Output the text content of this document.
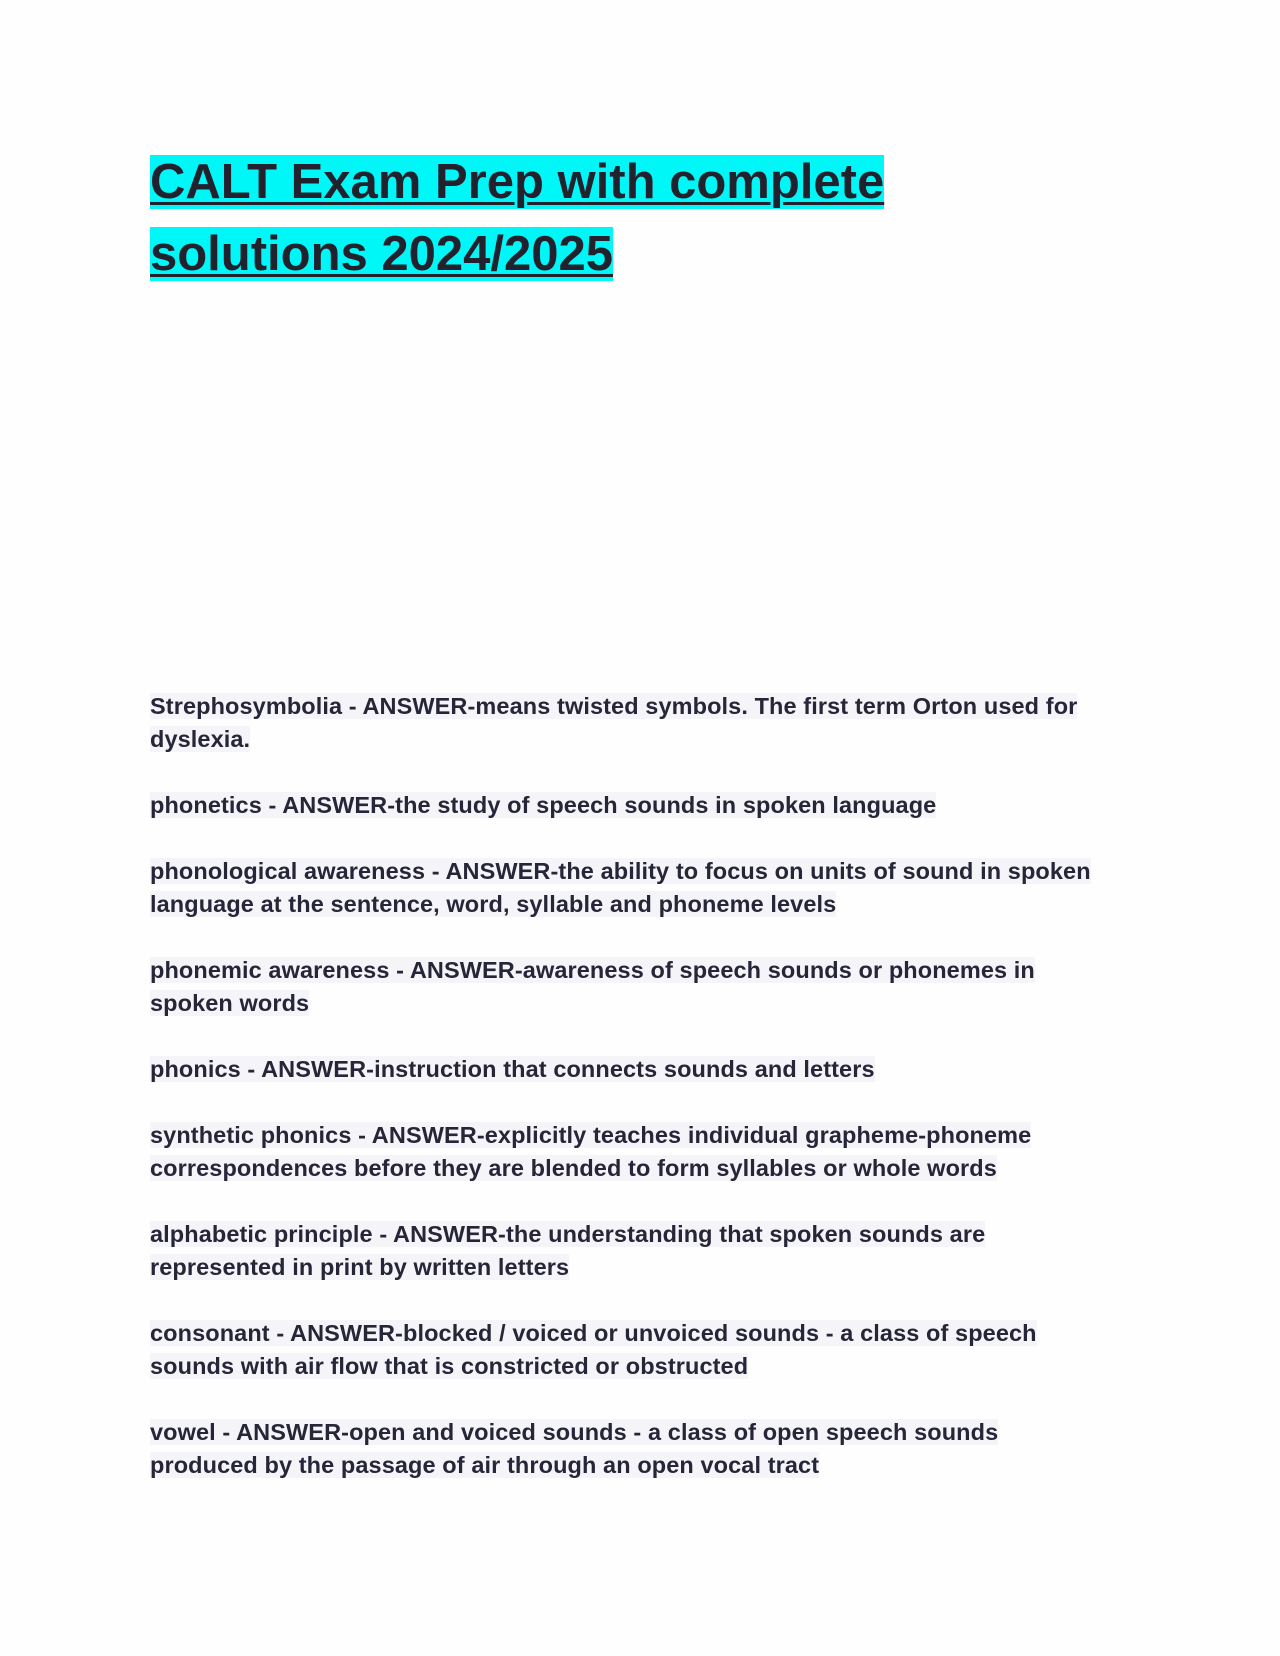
CALT Exam Prep with complete solutions 2024/2025
Strephosymbolia - ANSWER-means twisted symbols. The first term Orton used for dyslexia.
phonetics - ANSWER-the study of speech sounds in spoken language
phonological awareness - ANSWER-the ability to focus on units of sound in spoken language at the sentence, word, syllable and phoneme levels
phonemic awareness - ANSWER-awareness of speech sounds or phonemes in spoken words
phonics - ANSWER-instruction that connects sounds and letters
synthetic phonics - ANSWER-explicitly teaches individual grapheme-phoneme correspondences before they are blended to form syllables or whole words
alphabetic principle - ANSWER-the understanding that spoken sounds are represented in print by written letters
consonant - ANSWER-blocked / voiced or unvoiced sounds - a class of speech sounds with air flow that is constricted or obstructed
vowel - ANSWER-open and voiced sounds - a class of open speech sounds produced by the passage of air through an open vocal tract
